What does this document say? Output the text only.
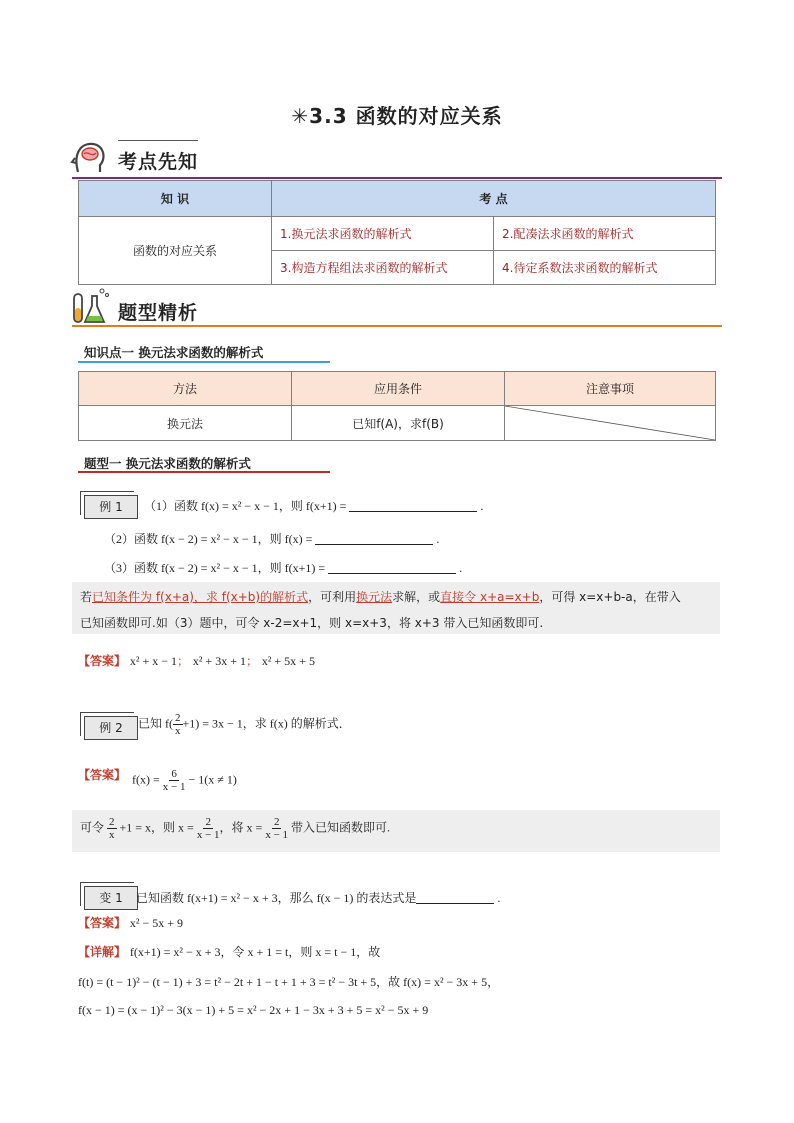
✳3.3 函数的对应关系
考点先知
知 识	考 点	
函数的对应关系	1.换元法求函数的解析式	2.配凑法求函数的解析式
	3.构造方程组法求函数的解析式	4.待定系数法求函数的解析式
题型精析
知识点一 换元法求函数的解析式
方法	应用条件	注意事项
换元法	已知f(A)，求f(B)	
题型一 换元法求函数的解析式
例 1	（1）函数 f(x) = x² − x − 1，则 f(x+1) =	.
（2）函数 f(x − 2) = x² − x − 1，则 f(x) =	.
（3）函数 f(x − 2) = x² − x − 1，则 f(x+1) =	.
若已知条件为 f(x+a)，求 f(x+b)的解析式，可利用换元法求解，或直接令 x+a=x+b，可得 x=x+b-a，在带入
已知函数即可.如（3）题中，可令 x-2=x+1，则 x=x+3，将 x+3 带入已知函数即可.
【答案】 x² + x − 1； x² + 3x + 1； x² + 5x + 5
例 2	已知 $f( \frac{2}{x} +1) = 3x - 1$，求 f(x) 的解析式．
【答案】 $f(x) = \frac{6}{x - 1} - 1(x \ne 1)$
可令 $\frac{2}{x} +1 = x$，则 $x = \frac{2}{x - 1}$ ，将 $x = \frac{2}{x - 1}$ 带入已知函数即可.
变 1	已知函数 f(x+1) = x² − x + 3，那么 f(x − 1) 的表达式是	.
【答案】 x² − 5x + 9
【详解】 f(x+1) = x² − x + 3，令 x + 1 = t，则 x = t − 1，故
f(t) = (t − 1)² − (t − 1) + 3 = t² − 2t + 1 − t + 1 + 3 = t² − 3t + 5，故 f(x) = x² − 3x + 5，
f(x − 1) = (x − 1)² − 3(x − 1) + 5 = x² − 2x + 1 − 3x + 3 + 5 = x² − 5x + 9
